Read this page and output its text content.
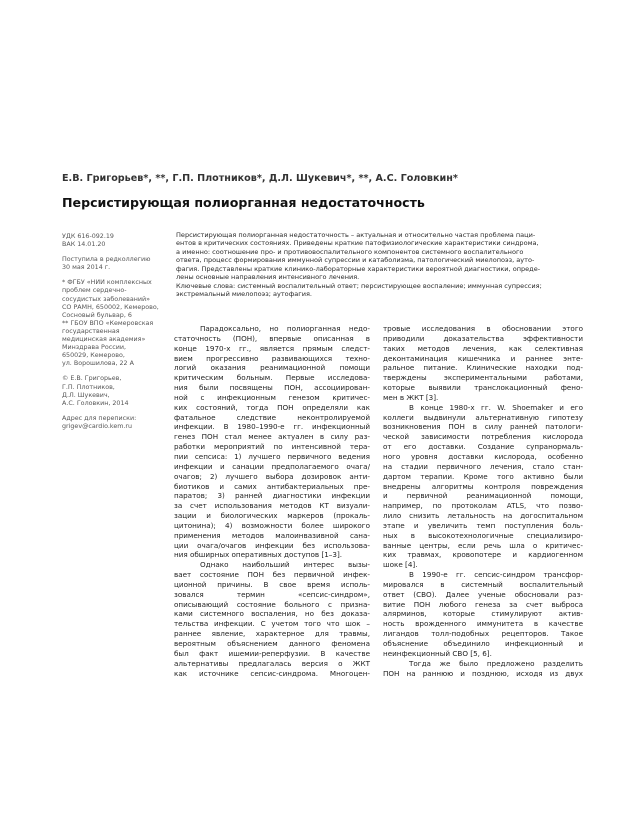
Е.В. Григорьев*, **, Г.П. Плотников*, Д.Л. Шукевич*, **, А.С. Головкин*
Персистирующая полиорганная недостаточность
УДК 616-092.19
ВАК 14.01.20
Поступила в редколлегию
30 мая 2014 г.
* ФГБУ «НИИ комплексных
проблем сердечно-
сосудистых заболеваний»
СО РАМН, 650002, Кемерово,
Сосновый бульвар, 6
** ГБОУ ВПО «Кемеровская
государственная
медицинская академия»
Минздрава России,
650029, Кемерово,
ул. Ворошилова, 22 А
© Е.В. Григорьев,
Г.П. Плотников,
Д.Л. Шукевич,
А.С. Головкин, 2014
Адрес для переписки:
grigev@cardio.kem.ru
Персистирующая полиорганная недостаточность – актуальная и относительно частая проблема паци-
ентов в критических состояниях. Приведены краткие патофизиологические характеристики синдрома,
а именно: соотношение про- и противовоспалительного компонентов системного воспалительного
ответа, процесс формирования иммунной супрессии и катаболизма, патологический миелопоэз, ауто-
фагия. Представлены краткие клинико-лабораторные характеристики вероятной диагностики, опреде-
лены основные направления интенсивного лечения.
Ключевые слова: системный воспалительный ответ; персистирующее воспаление; иммунная супрессия;
экстремальный миелопоэз; аутофагия.
Парадоксально, но полиорганная недо-
статочность (ПОН), впервые описанная в
конце 1970-х гг., является прямым следст-
вием прогрессивно развивающихся техно-
логий оказания реанимационной помощи
критическим больным. Первые исследова-
ния были посвящены ПОН, ассоциирован-
ной с инфекционным генезом критичес-
ких состояний, тогда ПОН определяли как
фатальное следствие неконтролируемой
инфекции. В 1980–1990-е гг. инфекционный
генез ПОН стал менее актуален в силу раз-
работки мероприятий по интенсивной тера-
пии сепсиса: 1) лучшего первичного ведения
инфекции и санации предполагаемого очага/
очагов; 2) лучшего выбора дозировок анти-
биотиков и самих антибактериальных пре-
паратов; 3) ранней диагностики инфекции
за счет использования методов КТ визуали-
зации и биологических маркеров (прокаль-
цитонина); 4) возможности более широкого
применения методов малоинвазивной сана-
ции очага/очагов инфекции без использова-
ния обширных оперативных доступов [1–3].
Однако наибольший интерес вызы-
вает состояние ПОН без первичной инфек-
ционной причины. В свое время исполь-
зовался термин «сепсис-синдром»,
описывающий состояние больного с призна-
ками системного воспаления, но без доказа-
тельства инфекции. С учетом того что шок –
раннее явление, характерное для травмы,
вероятным объяснением данного феномена
был факт ишемии-реперфузии. В качестве
альтернативы предлагалась версия о ЖКТ
как источнике сепсис-синдрома. Многоцен-
тровые исследования в обосновании этого
приводили доказательства эффективности
таких методов лечения, как селективная
деконтаминация кишечника и раннее энте-
ральное питание. Клинические находки под-
тверждены экспериментальными работами,
которые выявили транслокационный фено-
мен в ЖКТ [3].
В конце 1980-х гг. W. Shoemaker и его
коллеги выдвинули альтернативную гипотезу
возникновения ПОН в силу ранней патологи-
ческой зависимости потребления кислорода
от его доставки. Создание супранормаль-
ного уровня доставки кислорода, особенно
на стадии первичного лечения, стало стан-
дартом терапии. Кроме того активно были
внедрены алгоритмы контроля повреждения
и первичной реанимационной помощи,
например, по протоколам ATLS, что позво-
лило снизить летальность на догоспитальном
этапе и увеличить темп поступления боль-
ных в высокотехнологичные специализиро-
ванные центры, если речь шла о критичес-
ких травмах, кровопотере и кардиогенном
шоке [4].
В 1990-е гг. сепсис-синдром трансфор-
мировался в системный воспалительный
ответ (СВО). Далее ученые обосновали раз-
витие ПОН любого генеза за счет выброса
алярминов, которые стимулируют актив-
ность врожденного иммунитета в качестве
лигандов толл-подобных рецепторов. Такое
объяснение объединило инфекционный и
неинфекционный СВО [5, 6].
Тогда же было предложено разделить
ПОН на раннюю и позднюю, исходя из двух
